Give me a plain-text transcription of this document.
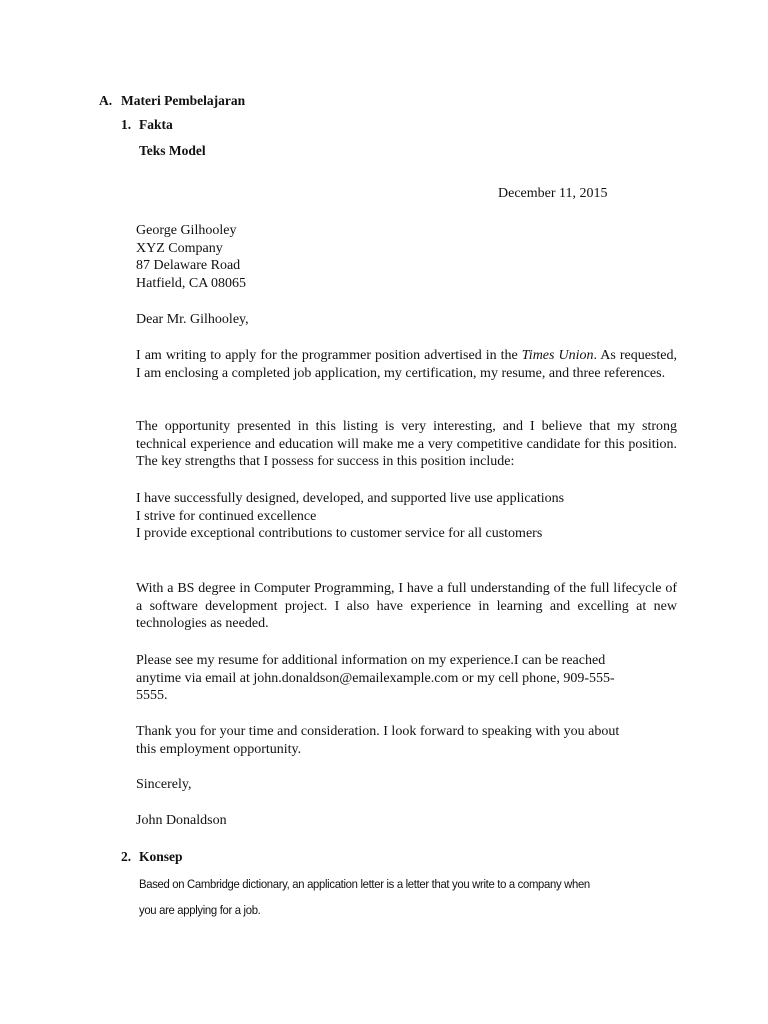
A. Materi Pembelajaran
1. Fakta
Teks Model
December 11, 2015
George Gilhooley
XYZ Company
87 Delaware Road
Hatfield, CA 08065
Dear Mr. Gilhooley,
I am writing to apply for the programmer position advertised in the Times Union. As requested, I am enclosing a completed job application, my certification, my resume, and three references.
The opportunity presented in this listing is very interesting, and I believe that my strong technical experience and education will make me a very competitive candidate for this position. The key strengths that I possess for success in this position include:
I have successfully designed, developed, and supported live use applications
I strive for continued excellence
I provide exceptional contributions to customer service for all customers
With a BS degree in Computer Programming, I have a full understanding of the full lifecycle of a software development project. I also have experience in learning and excelling at new technologies as needed.
Please see my resume for additional information on my experience.I can be reached
anytime via email at john.donaldson@emailexample.com or my cell phone, 909-555-
5555.
Thank you for your time and consideration. I look forward to speaking with you about
this employment opportunity.
Sincerely,
John Donaldson
2. Konsep
Based on Cambridge dictionary, an application letter is a letter that you write to a company when
you are applying for a job.
